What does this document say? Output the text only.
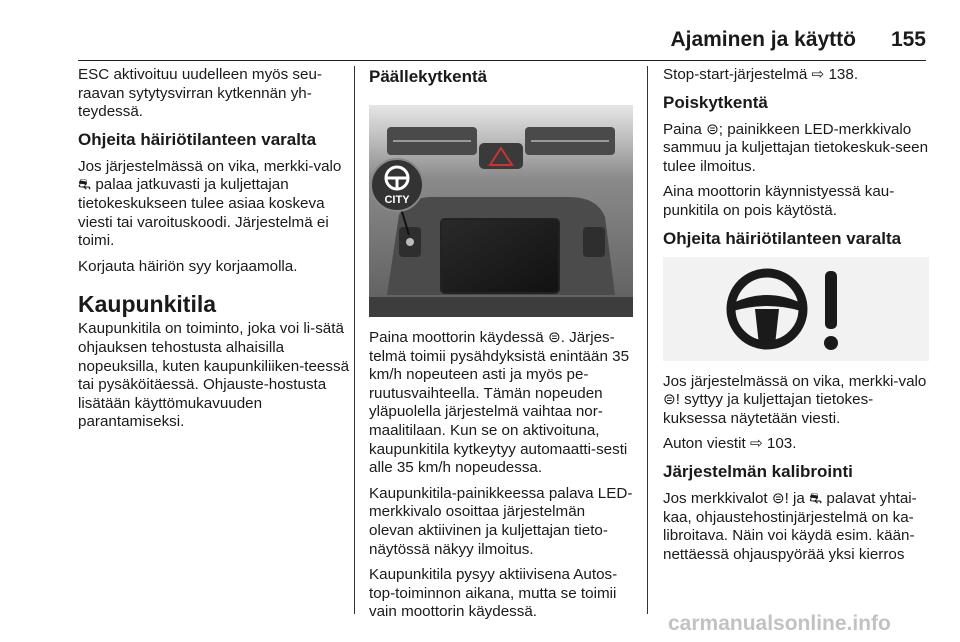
Ajaminen ja käyttö 155

ESC aktivoituu uudelleen myös seu-raavan sytytysvirran kytkennän yh-teydessä.

Ohjeita häiriötilanteen varalta

Jos järjestelmässä on vika, merkki-valo ⛐ palaa jatkuvasti ja kuljettajan tietokeskukseen tulee asiaa koskeva viesti tai varoituskoodi. Järjestelmä ei toimi.

Korjauta häiriön syy korjaamolla.

Kaupunkitila

Kaupunkitila on toiminto, joka voi li-sätä ohjauksen tehostusta alhaisilla nopeuksilla, kuten kaupunkiliiken-teessä tai pysäköitäessä. Ohjauste-hostusta lisätään käyttömukavuuden parantamiseksi.

Päällekytkentä
CITY

Paina moottorin käydessä ⊜. Järjes-telmä toimii pysähdyksistä enintään 35 km/h nopeuteen asti ja myös pe-ruutusvaihteella. Tämän nopeuden yläpuolella järjestelmä vaihtaa nor-maalitilaan. Kun se on aktivoituna, kaupunkitila kytkeytyy automaatti-sesti alle 35 km/h nopeudessa.

Kaupunkitila-painikkeessa palava LED-merkkivalo osoittaa järjestelmän olevan aktiivinen ja kuljettajan tieto-näytössä näkyy ilmoitus.

Kaupunkitila pysyy aktiivisena Autos-top-toiminnon aikana, mutta se toimii vain moottorin käydessä.

Stop-start-järjestelmä ⇨ 138.

Poiskytkentä

Paina ⊜; painikkeen LED-merkkivalo sammuu ja kuljettajan tietokeskuk-seen tulee ilmoitus.

Aina moottorin käynnistyessä kau-punkitila on pois käytöstä.

Ohjeita häiriötilanteen varalta

Jos järjestelmässä on vika, merkki-valo ⊜! syttyy ja kuljettajan tietokes-kuksessa näytetään viesti.

Auton viestit ⇨ 103.

Järjestelmän kalibrointi

Jos merkkivalot ⊜! ja ⛐ palavat yhtai-kaa, ohjaustehostinjärjestelmä on ka-libroitava. Näin voi käydä esim. kään-nettäessä ohjauspyörää yksi kierros

carmanualsonline.info
